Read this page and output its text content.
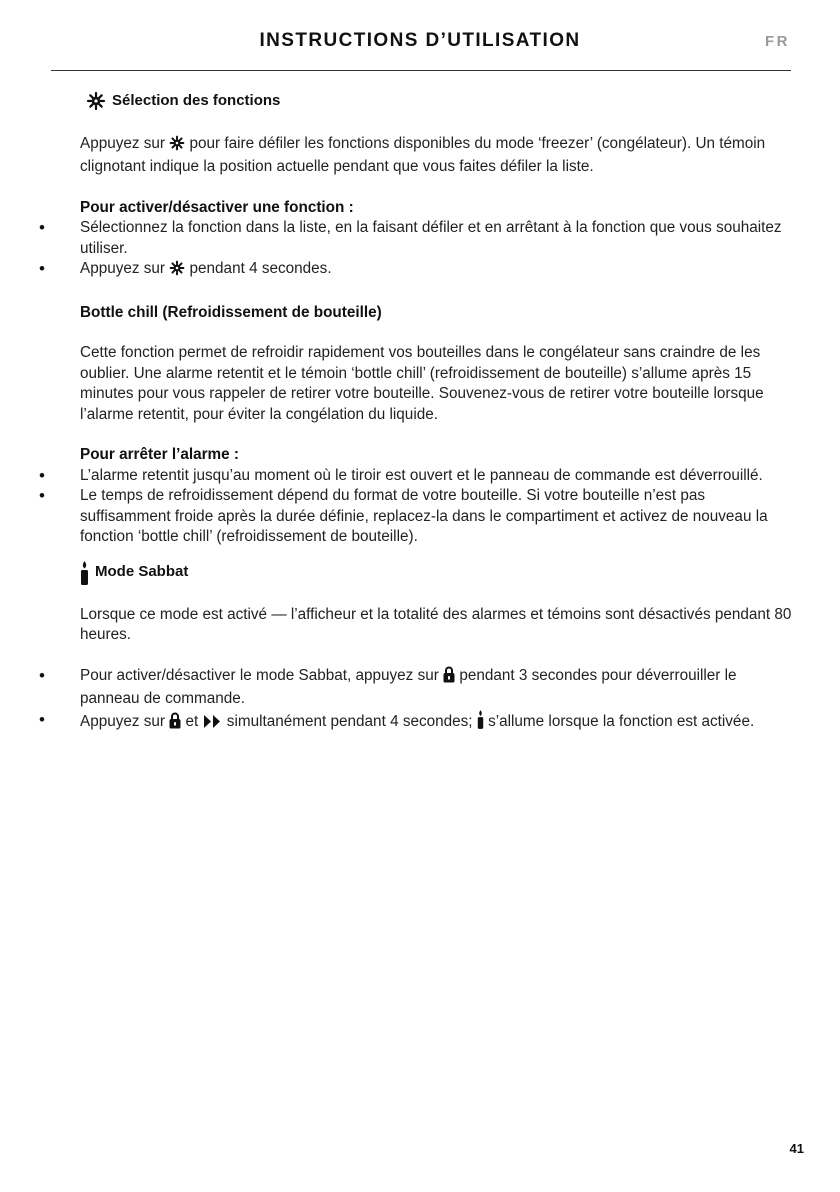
INSTRUCTIONS D’UTILISATION	FR
Sélection des fonctions

Appuyez sur pour faire défiler les fonctions disponibles du mode ‘freezer’ (congélateur). Un témoin clignotant indique la position actuelle pendant que vous faites défiler la liste.

Pour activer/désactiver une fonction :

• Sélectionnez la fonction dans la liste, en la faisant défiler et en arrêtant à la fonction que vous souhaitez utiliser.
• Appuyez sur pendant 4 secondes.

Bottle chill (Refroidissement de bouteille)

Cette fonction permet de refroidir rapidement vos bouteilles dans le congélateur sans craindre de les oublier. Une alarme retentit et le témoin ‘bottle chill’ (refroidissement de bouteille) s’allume après 15 minutes pour vous rappeler de retirer votre bouteille. Souvenez-vous de retirer votre bouteille lorsque l’alarme retentit, pour éviter la congélation du liquide.

Pour arrêter l’alarme :

• L’alarme retentit jusqu’au moment où le tiroir est ouvert et le panneau de commande est déverrouillé.
• Le temps de refroidissement dépend du format de votre bouteille. Si votre bouteille n’est pas suffisamment froide après la durée définie, replacez-la dans le compartiment et activez de nouveau la fonction ‘bottle chill’ (refroidissement de bouteille).
Mode Sabbat

Lorsque ce mode est activé — l’afficheur et la totalité des alarmes et témoins sont désactivés pendant 80 heures.

• Pour activer/désactiver le mode Sabbat, appuyez sur pendant 3 secondes pour déverrouiller le panneau de commande.
• Appuyez sur et simultanément pendant 4 secondes; s’allume lorsque la fonction est activée.
41
